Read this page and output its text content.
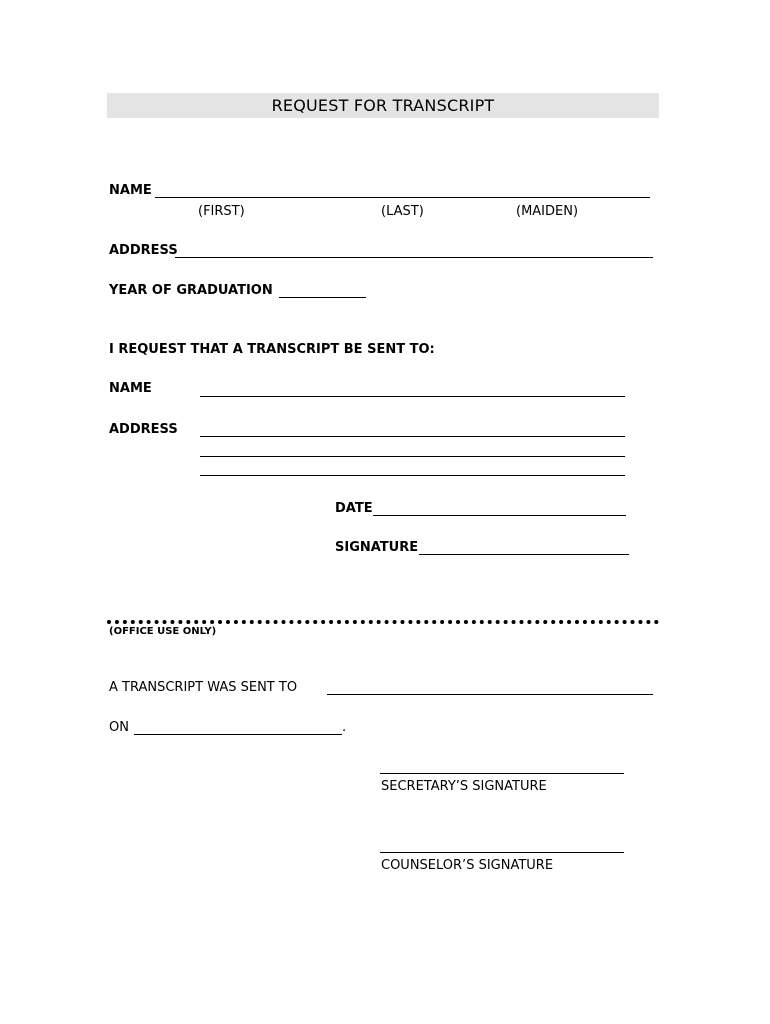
REQUEST FOR TRANSCRIPT
NAME
(FIRST)	(LAST)	(MAIDEN)
ADDRESS
YEAR OF GRADUATION
I REQUEST THAT A TRANSCRIPT BE SENT TO:
NAME
ADDRESS
DATE
SIGNATURE
(OFFICE USE ONLY)
A TRANSCRIPT WAS SENT TO
ON	.
SECRETARY’S SIGNATURE
COUNSELOR’S SIGNATURE
